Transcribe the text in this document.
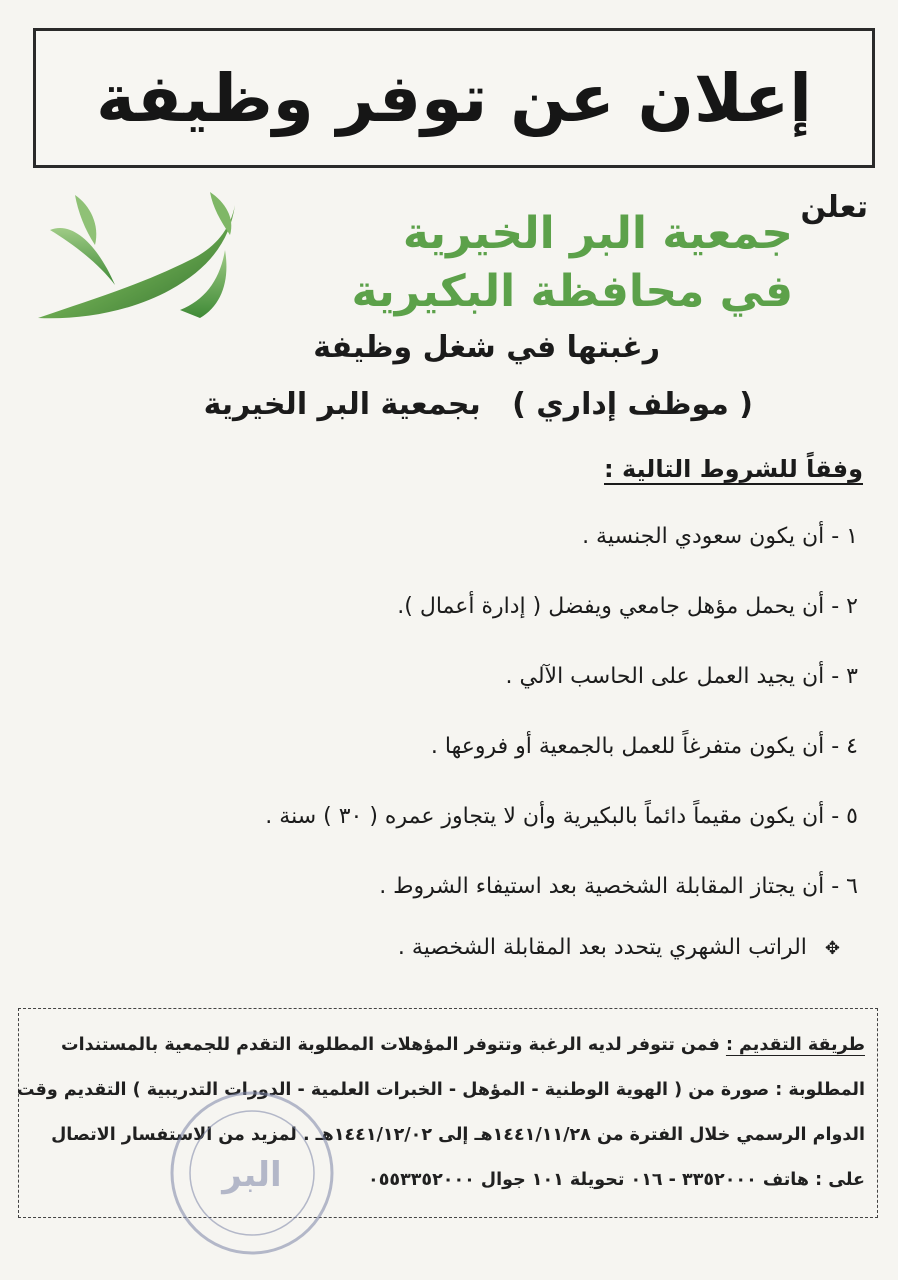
إعلان عن توفر وظيفة
تعلن
جمعية البر الخيرية
في محافظة البكيرية
رغبتها في شغل وظيفة
( موظف إداري )   بجمعية البر الخيرية
وفقاً للشروط التالية :
١ - أن يكون سعودي الجنسية .
٢ - أن يحمل مؤهل جامعي ويفضل ( إدارة أعمال ).
٣ - أن يجيد العمل على الحاسب الآلي .
٤ - أن يكون متفرغاً للعمل بالجمعية أو فروعها .
٥ - أن يكون مقيماً دائماً بالبكيرية وأن لا يتجاوز عمره ( ٣٠ ) سنة .
٦ - أن يجتاز المقابلة الشخصية بعد استيفاء الشروط .
✥الراتب الشهري يتحدد بعد المقابلة الشخصية .
طريقة التقديم : فمن تتوفر لديه الرغبة وتتوفر المؤهلات المطلوبة التقدم للجمعية بالمستندات
المطلوبة : صورة من ( الهوية الوطنية - المؤهل - الخبرات العلمية - الدورات التدريبية ) التقديم وقت
الدوام الرسمي خلال الفترة من ١٤٤١/١١/٢٨هـ إلى ١٤٤١/١٢/٠٢هـ . لمزيد من الاستفسار الاتصال
على : هاتف ٣٣٥٢٠٠٠ - ٠١٦ تحويلة ١٠١ جوال ٠٥٥٣٣٥٢٠٠٠
البر
